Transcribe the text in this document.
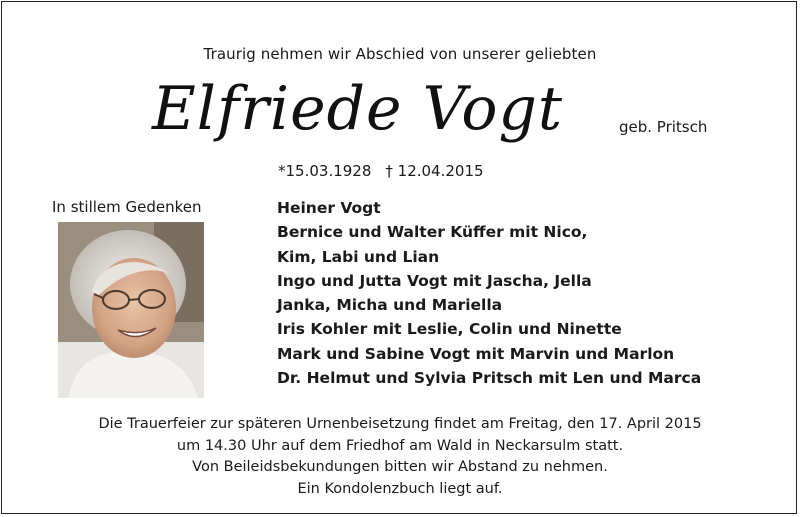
Traurig nehmen wir Abschied von unserer geliebten
Elfriede Vogt	geb. Pritsch
*15.03.1928 † 12.04.2015
In stillem Gedenken	Heiner Vogt
Bernice und Walter Küffer mit Nico,
Kim, Labi und Lian
Ingo und Jutta Vogt mit Jascha, Jella
Janka, Micha und Mariella
Iris Kohler mit Leslie, Colin und Ninette
Mark und Sabine Vogt mit Marvin und Marlon
Dr. Helmut und Sylvia Pritsch mit Len und Marca
Die Trauerfeier zur späteren Urnenbeisetzung findet am Freitag, den 17. April 2015
um 14.30 Uhr auf dem Friedhof am Wald in Neckarsulm statt.
Von Beileidsbekundungen bitten wir Abstand zu nehmen.
Ein Kondolenzbuch liegt auf.
